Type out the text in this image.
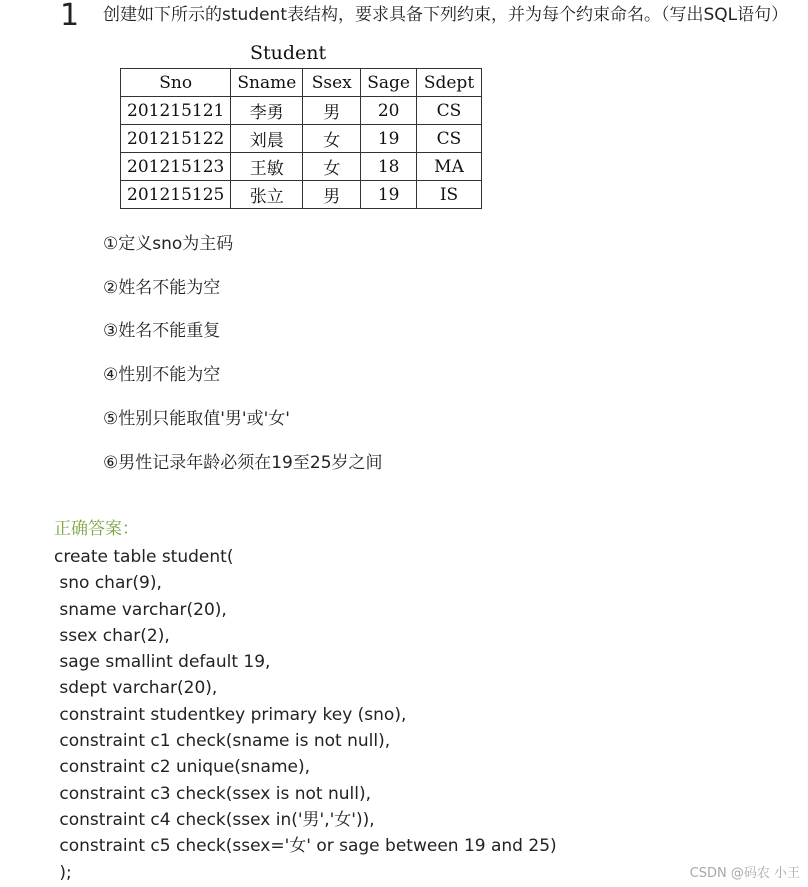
1 创建如下所示的student表结构，要求具备下列约束，并为每个约束命名。（写出SQL语句）
Student
Sno	Sname	Ssex	Sage	Sdept
201215121	李勇	男	20	CS
201215122	刘晨	女	19	CS
201215123	王敏	女	18	MA
201215125	张立	男	19	IS
①定义sno为主码
②姓名不能为空
③姓名不能重复
④性别不能为空
⑤性别只能取值'男'或'女'
⑥男性记录年龄必须在19至25岁之间
正确答案：
create table student(
sno char(9),
sname varchar(20),
ssex char(2),
sage smallint default 19,
sdept varchar(20),
constraint studentkey primary key (sno),
constraint c1 check(sname is not null),
constraint c2 unique(sname),
constraint c3 check(ssex is not null),
constraint c4 check(ssex in('男','女')),
constraint c5 check(ssex='女' or sage between 19 and 25)
);	CSDN @码农 小王
